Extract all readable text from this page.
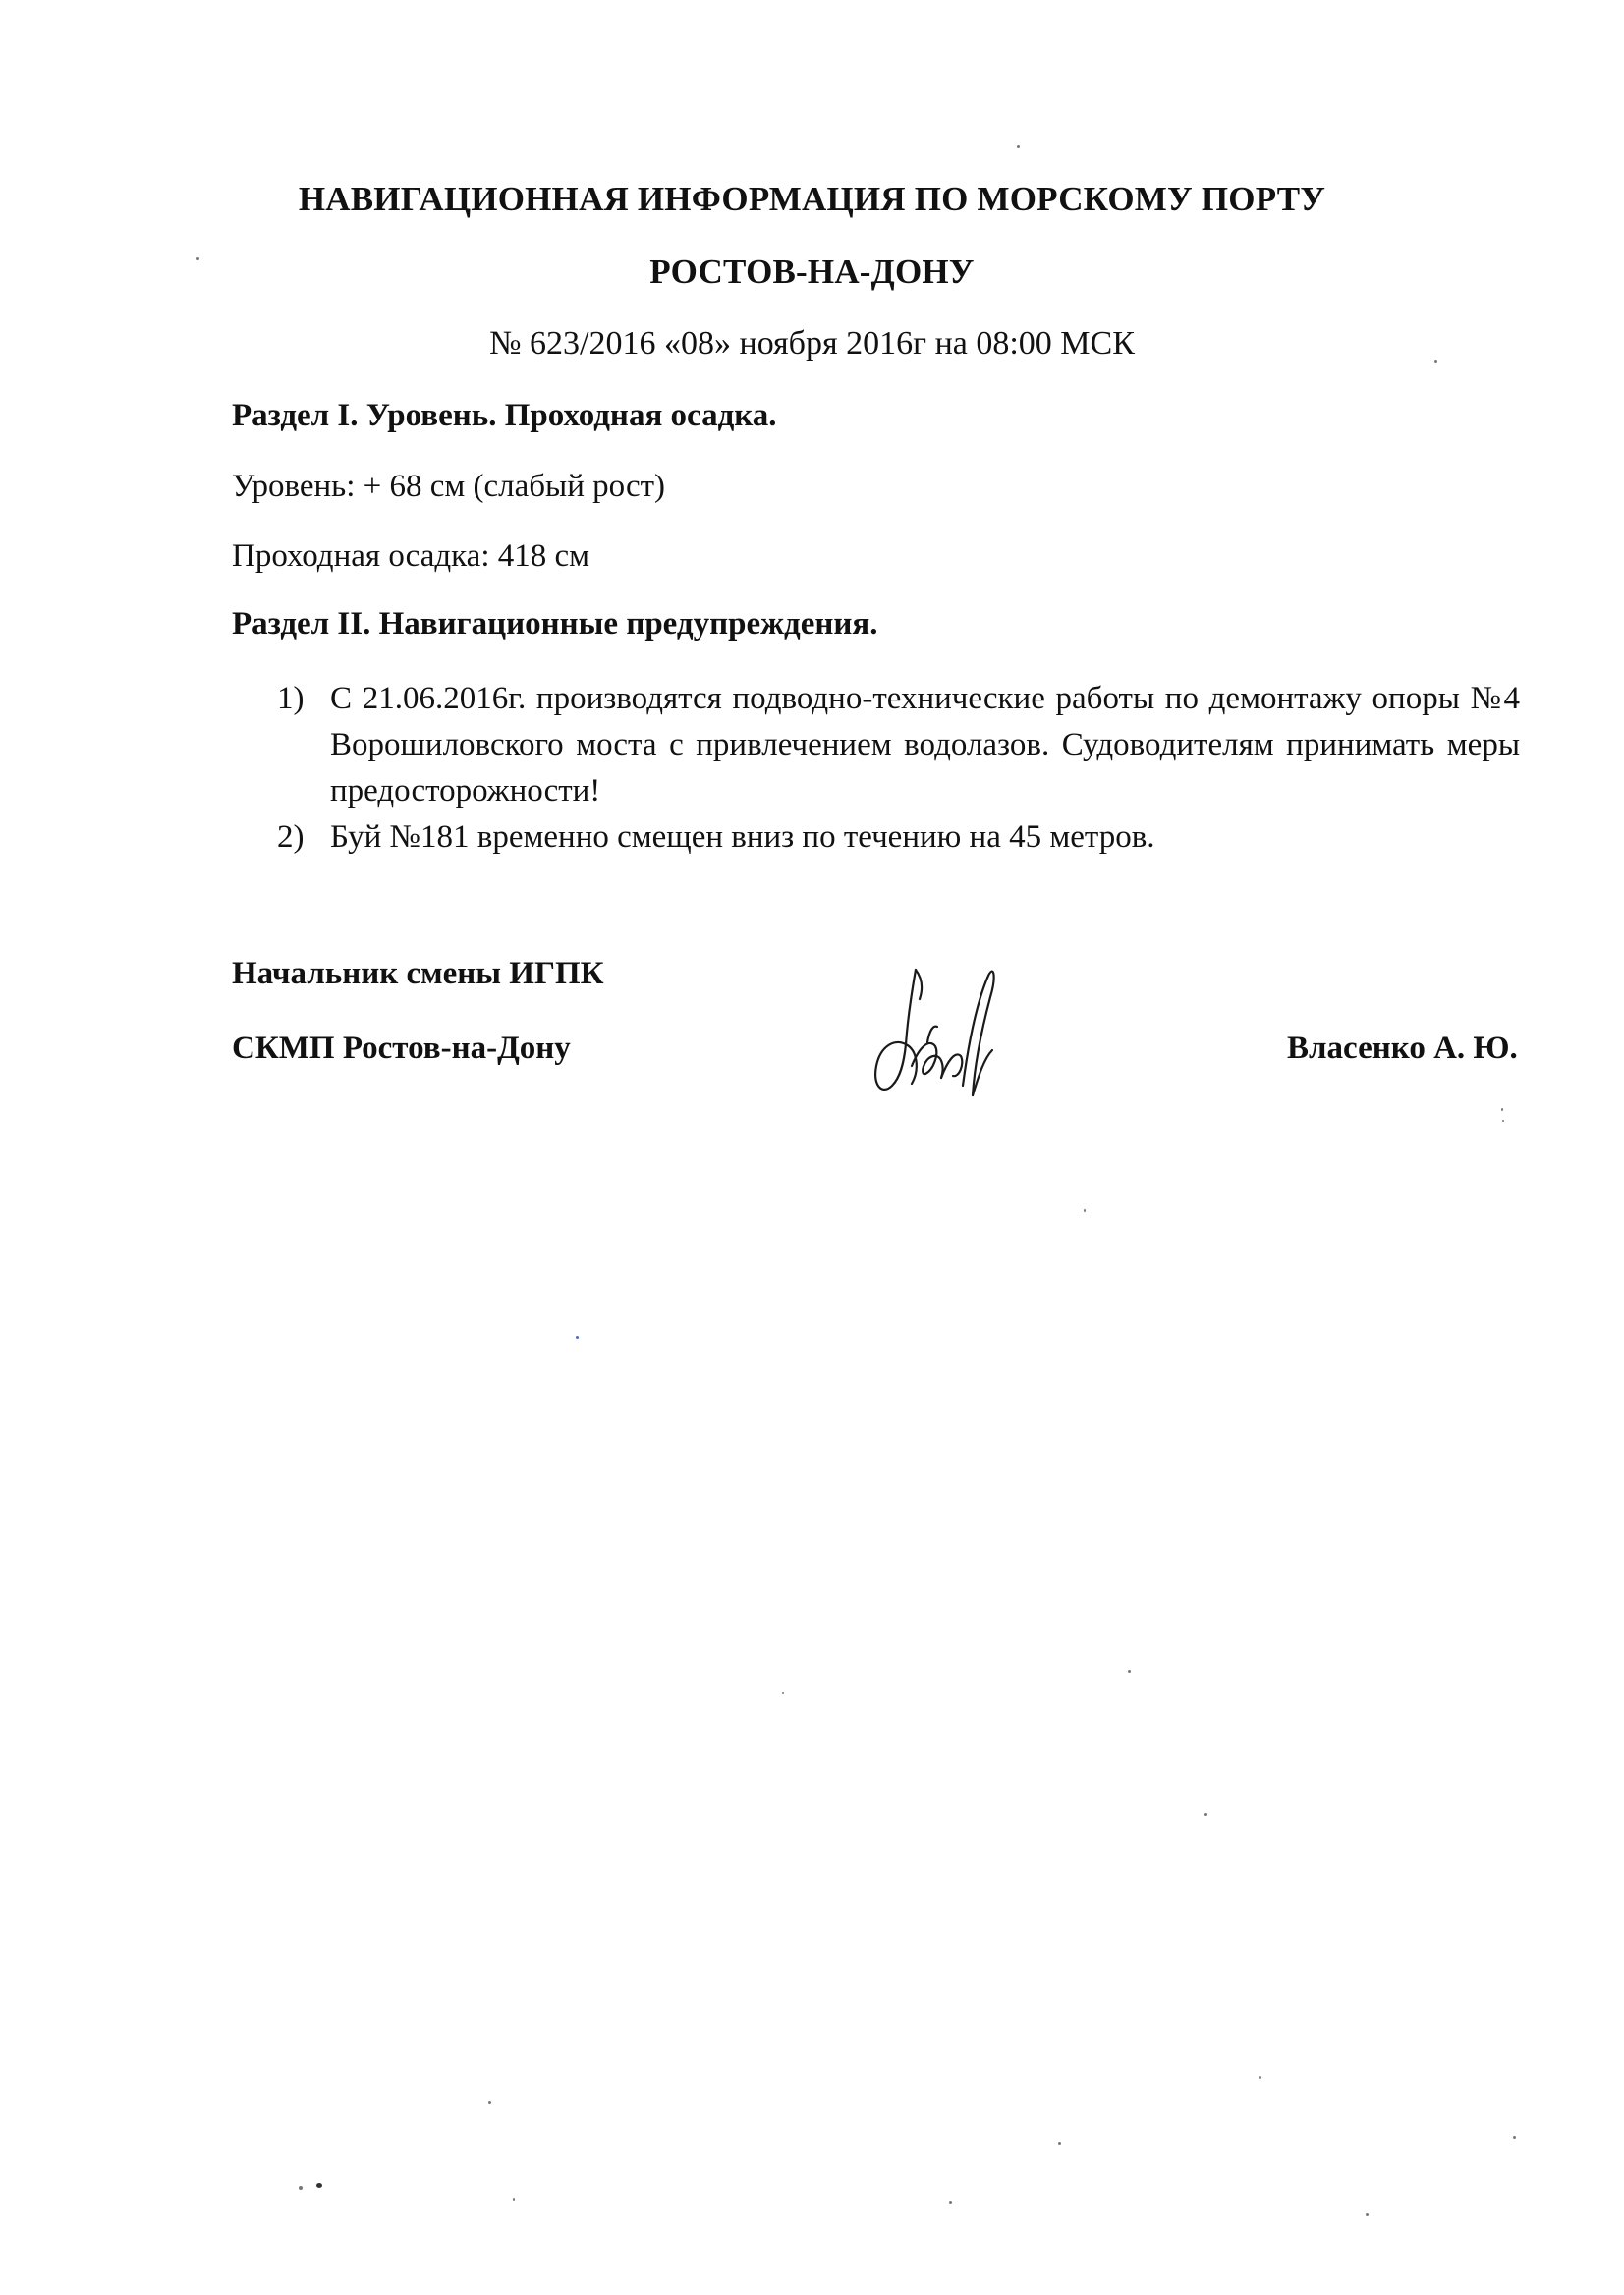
НАВИГАЦИОННАЯ ИНФОРМАЦИЯ ПО МОРСКОМУ ПОРТУ
РОСТОВ-НА-ДОНУ
№ 623/2016 «08» ноября 2016г на 08:00 МСК
Раздел I. Уровень. Проходная осадка.
Уровень: + 68 см (слабый рост)
Проходная осадка: 418 см
Раздел II. Навигационные предупреждения.
1) С 21.06.2016г. производятся подводно-технические работы по демонтажу опоры №4 Ворошиловского моста с привлечением водолазов. Судоводителям принимать меры предосторожности!
2) Буй №181 временно смещен вниз по течению на 45 метров.
Начальник смены ИГПК
СКМП Ростов-на-Дону	Власенко А. Ю.
